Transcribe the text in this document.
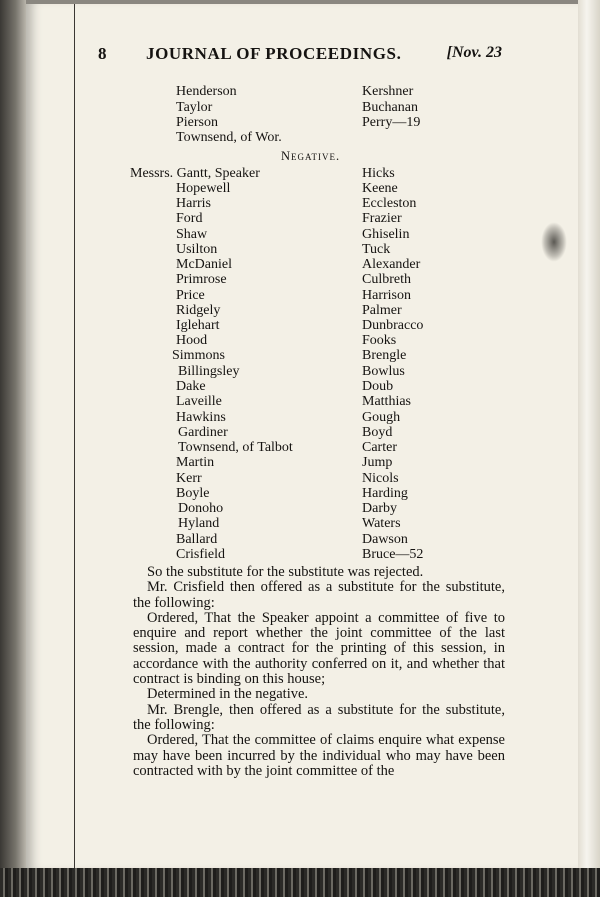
8 JOURNAL OF PROCEEDINGS.	[Nov. 23
Henderson
Taylor
Pierson
Townsend, of Wor.
Kershner
Buchanan
Perry—19
Negative.
Messrs. Gantt, Speaker
Hopewell
Harris
Ford
Shaw
Usilton
McDaniel
Primrose
Price
Ridgely
Iglehart
Hood
Simmons
Billingsley
Dake
Laveille
Hawkins
Gardiner
Townsend, of Talbot
Martin
Kerr
Boyle
Donoho
Hyland
Ballard
Crisfield
Hicks
Keene
Eccleston
Frazier
Ghiselin
Tuck
Alexander
Culbreth
Harrison
Palmer
Dunbracco
Fooks
Brengle
Bowlus
Doub
Matthias
Gough
Boyd
Carter
Jump
Nicols
Harding
Darby
Waters
Dawson
Bruce—52

So the substitute for the substitute was rejected.

Mr. Crisfield then offered as a substitute for the substitute, the following:

Ordered, That the Speaker appoint a committee of five to enquire and report whether the joint committee of the last session, made a contract for the printing of this session, in accordance with the authority conferred on it, and whether that contract is binding on this house;

Determined in the negative.

Mr. Brengle, then offered as a substitute for the substitute, the following:

Ordered, That the committee of claims enquire what expense may have been incurred by the individual who may have been contracted with by the joint committee of the
